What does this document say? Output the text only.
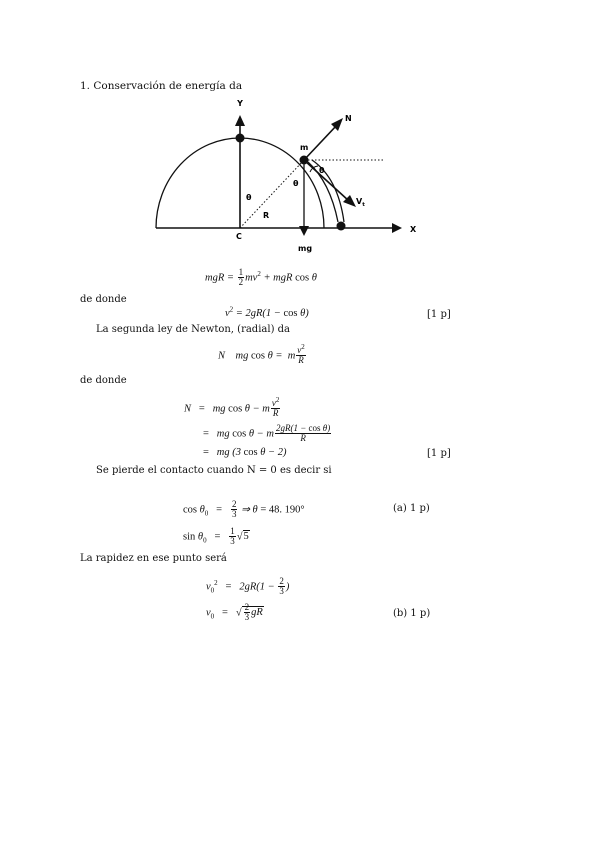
1. Conservación de energía da
Y
X
N
m
θ
θ
θ
R
C
mg
$V_t$
mgR = $\frac{1}{2} mv^2$ + mgR cos θ
de donde
$v^2 = 2gR(1 - \cos \theta)$	[1 p]
La segunda ley de Newton, (radial) da
N    mg cos θ =  m $\frac{v^2}{R}$
de donde
N   =   mg cos θ − m $\frac{v^2}{R}$
=   mg cos θ − m $\frac{\text{2gR(1 − cos θ)}}{R}$
=   mg (3 cos θ − 2)	[1 p]
Se pierde el contacto cuando N = 0 es decir si
$\cos \theta_0 = \frac{2}{3}$ ⇒ θ = 48. 190°	(a) 1 p)
$\sin \theta_0 = \frac{1}{3} √5$
La rapidez en ese punto será
$v_0^2 = 2gR(1 - \frac{2}{3}$ )
$v_0$ =   √ $\frac{2}{3}$ gR	(b) 1 p)
